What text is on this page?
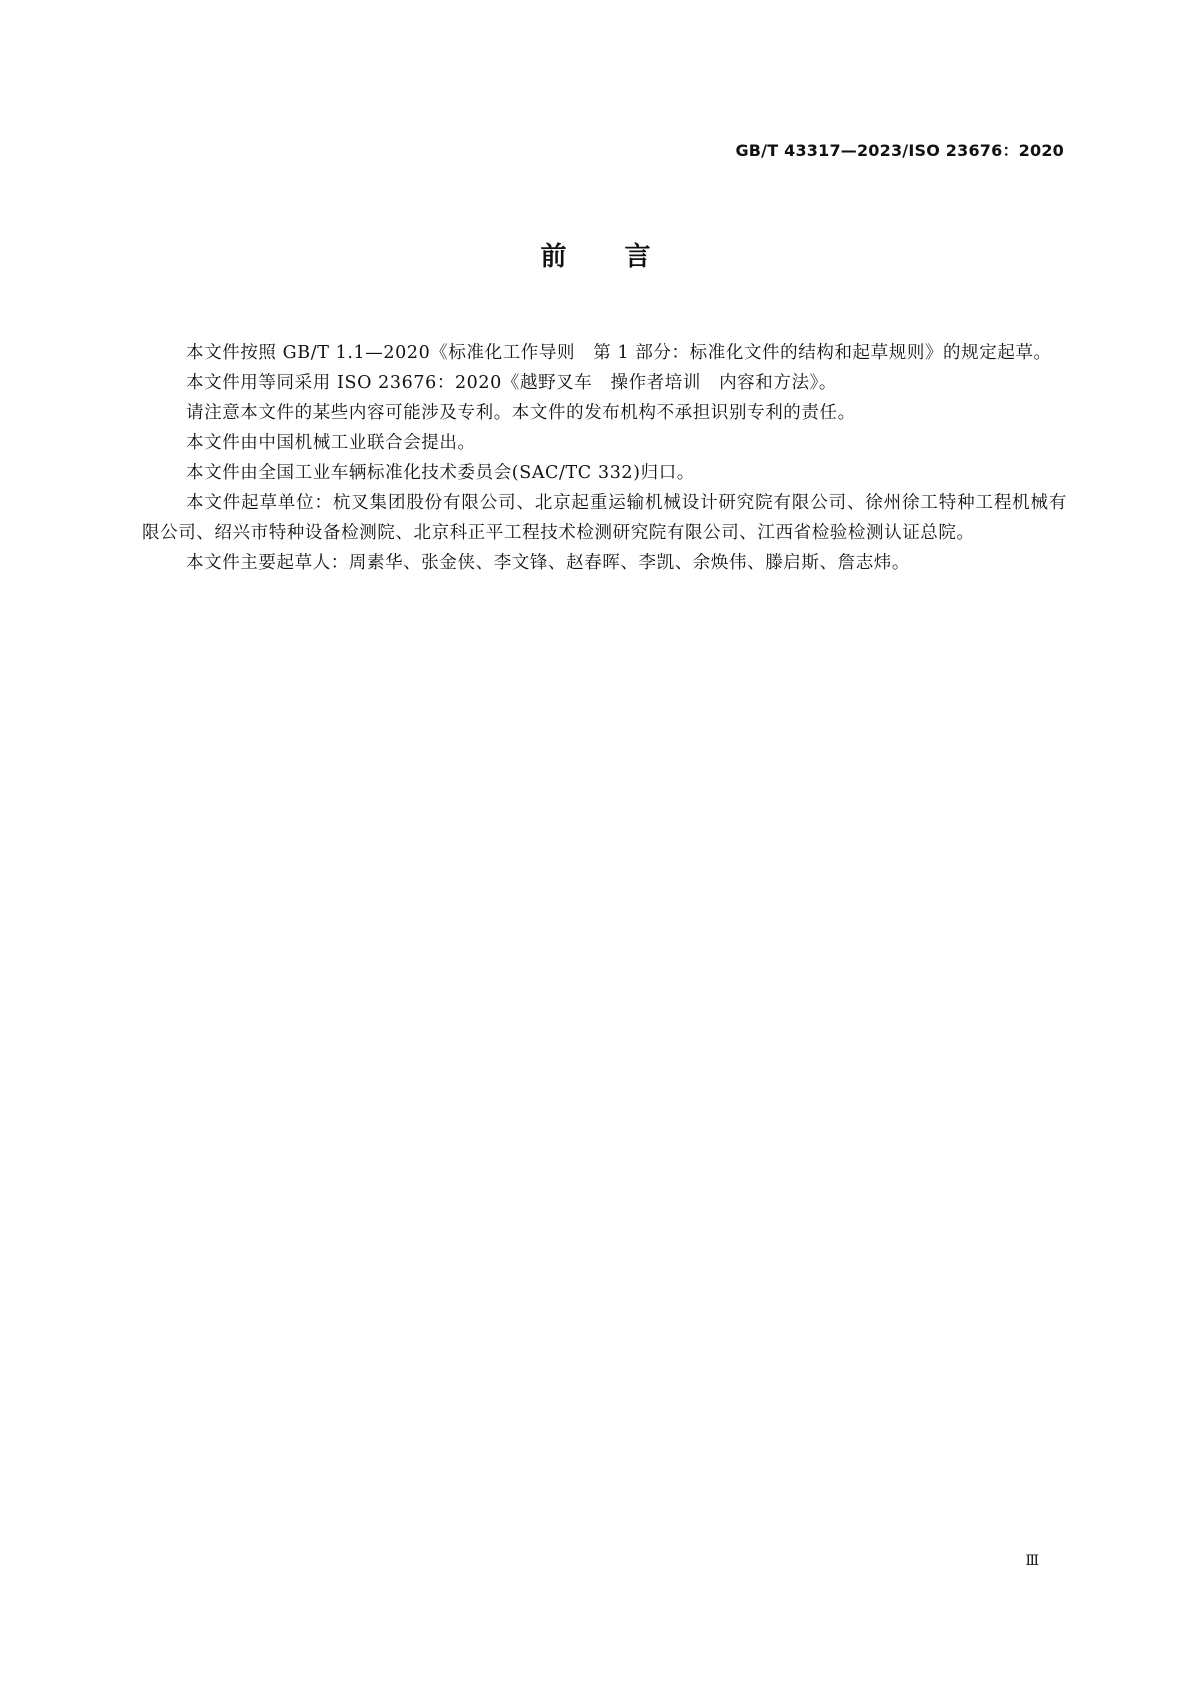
GB/T 43317—2023/ISO 23676：2020
前言

本文件按照 GB/T 1.1—2020《标准化工作导则　第 1 部分：标准化文件的结构和起草规则》的规定起草。

本文件用等同采用 ISO 23676：2020《越野叉车　操作者培训　内容和方法》。

请注意本文件的某些内容可能涉及专利。本文件的发布机构不承担识别专利的责任。

本文件由中国机械工业联合会提出。

本文件由全国工业车辆标准化技术委员会(SAC/TC 332)归口。

本文件起草单位：杭叉集团股份有限公司、北京起重运输机械设计研究院有限公司、徐州徐工特种工程机械有限公司、绍兴市特种设备检测院、北京科正平工程技术检测研究院有限公司、江西省检验检测认证总院。

本文件主要起草人：周素华、张金侠、李文锋、赵春晖、李凯、余焕伟、滕启斯、詹志炜。

Ⅲ
